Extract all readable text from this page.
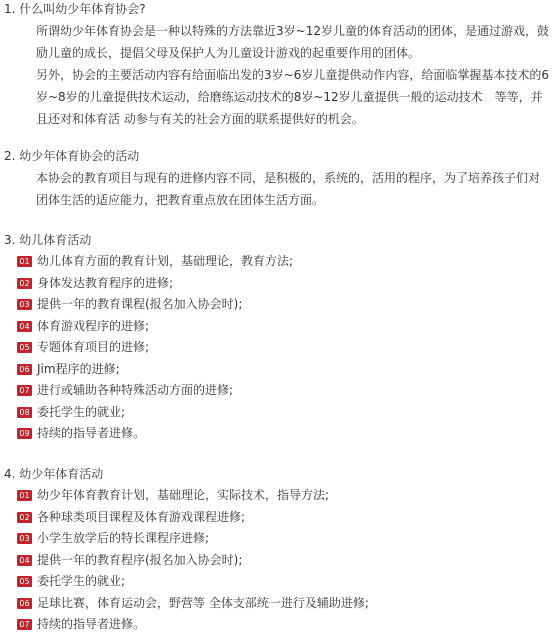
1. 什么叫幼少年体育协会?
所谓幼少年体育协会是一种以特殊的方法靠近3岁~12岁儿童的体育活动的团体，是通过游戏，鼓励儿童的成长，提倡父母及保护人为儿童设计游戏的起重要作用的团体。
另外，协会的主要活动内容有给面临出发的3岁~6岁儿童提供动作内容，给面临掌握基本技术的6岁~8岁的儿童提供技术运动，给磨练运动技术的8岁~12岁儿童提供一般的运动技术　等等，并且还对和体育活 动参与有关的社会方面的联系提供好的机会。
2. 幼少年体育协会的活动
本协会的教育项目与现有的进修内容不同，是积极的，系统的，活用的程序，为了培养孩子们对团体生活的适应能力，把教育重点放在团体生活方面。
3. 幼儿体育活动
01 幼儿体育方面的教育计划，基础理论，教育方法;
02 身体发达教育程序的进修;
03 提供一年的教育课程(报名加入协会时);
04 体育游戏程序的进修;
05 专题体育项目的进修;
06 Jim程序的进修;
07 进行或辅助各种特殊活动方面的进修;
08 委托学生的就业;
09 持续的指导者进修。
4. 幼少年体育活动
01 幼少年体育教育计划，基础理论，实际技术，指导方法;
02 各种球类项目课程及体育游戏课程进修;
03 小学生放学后的特长课程序进修;
04 提供一年的教育程序(报名加入协会时);
05 委托学生的就业;
06 足球比赛，体育运动会，野营等 全体支部统一进行及辅助进修;
07 持续的指导者进修。
